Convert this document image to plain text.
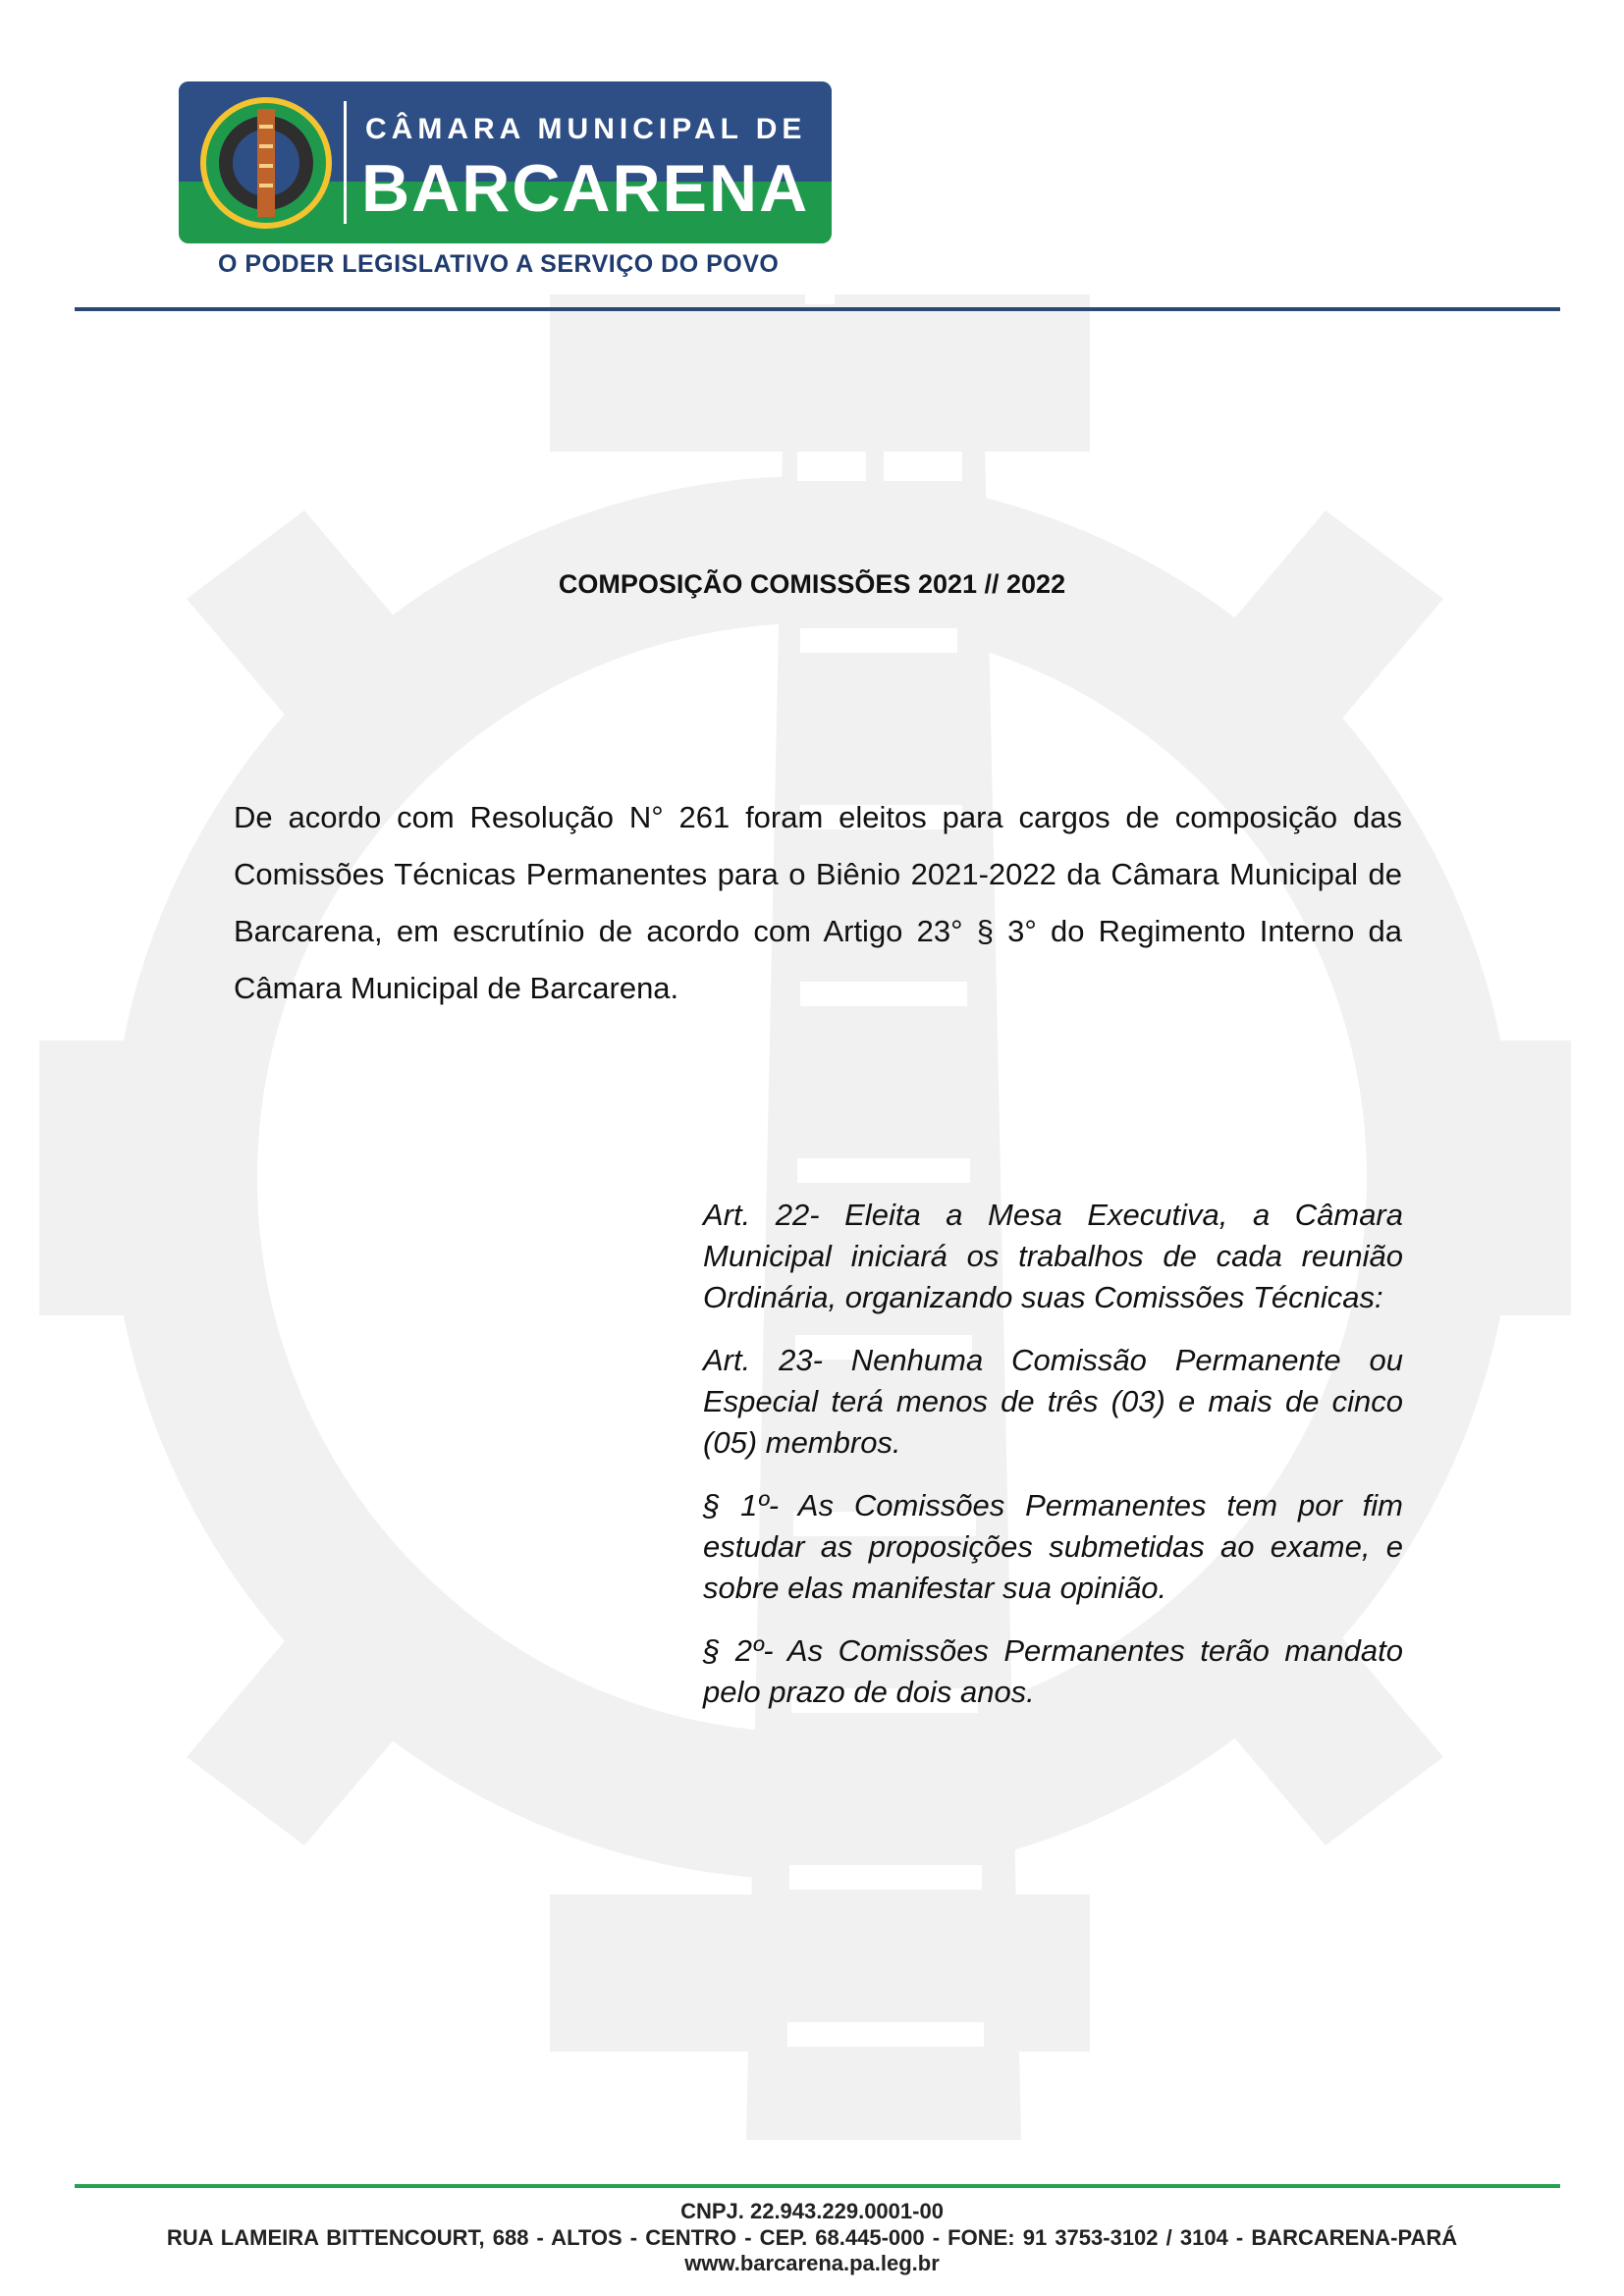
CÂMARA MUNICIPAL DE
BARCARENA
O PODER LEGISLATIVO A SERVIÇO DO POVO
COMPOSIÇÃO COMISSÕES 2021 // 2022
De acordo com Resolução N° 261 foram eleitos para cargos de composição das Comissões Técnicas Permanentes para o Biênio 2021-2022 da Câmara Municipal de Barcarena, em escrutínio de acordo com Artigo 23° § 3° do Regimento Interno da Câmara Municipal de Barcarena.

Art. 22- Eleita a Mesa Executiva, a Câmara Municipal iniciará os trabalhos de cada reunião Ordinária, organizando suas Comissões Técnicas:

Art. 23- Nenhuma Comissão Permanente ou Especial terá menos de três (03) e mais de cinco (05) membros.

§ 1º- As Comissões Permanentes tem por fim estudar as proposições submetidas ao exame, e sobre elas manifestar sua opinião.

§ 2º- As Comissões Permanentes terão mandato pelo prazo de dois anos.

CNPJ. 22.943.229.0001-00
RUA LAMEIRA BITTENCOURT, 688 - ALTOS - CENTRO - CEP. 68.445-000 - FONE: 91 3753-3102 / 3104 - BARCARENA-PARÁ
www.barcarena.pa.leg.br
